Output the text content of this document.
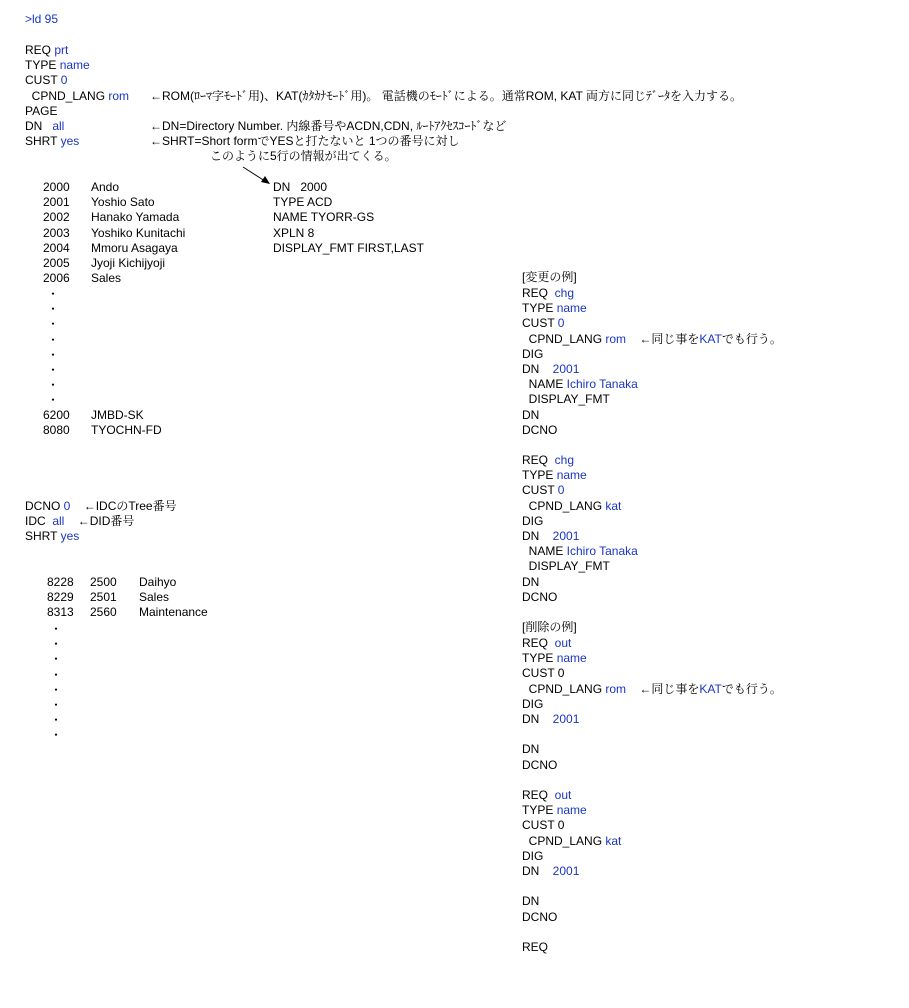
>ld 95
REQ prt
TYPE name
CUST 0
CPND_LANG rom
PAGE
DN   all
SHRT yes
←ROM(ﾛｰﾏ字ﾓｰﾄﾞ用)、KAT(ｶﾀｶﾅﾓｰﾄﾞ用)。 電話機のﾓｰﾄﾞによる。通常ROM, KAT 両方に同じﾃﾞｰﾀを入力する。
←DN=Directory Number. 内線番号やACDN,CDN, ﾙｰﾄｱｸｾｽｺｰﾄﾞなど
←SHRT=Short formでYESと打たないと 1つの番号に対し
このように5行の情報が出てくる。
2000 Ando
2001 Yoshio Sato
2002 Hanako Yamada
2003 Yoshiko Kunitachi
2004 Mmoru Asagaya
2005 Jyoji Kichijyoji
2006 Sales
・
・
・
・
・
・
・
・
6200 JMBD-SK
8080 TYOCHN-FD
DN   2000
TYPE ACD
NAME TYORR-GS
XPLN 8
DISPLAY_FMT FIRST,LAST
DCNO 0    ←IDCのTree番号
IDC  all    ←DID番号
SHRT yes
8228 2500 Daihyo
8229 2501 Sales
8313 2560 Maintenance
・
・
・
・
・
・
・
・
[変更の例]
REQ  chg
TYPE name
CUST 0
CPND_LANG rom    ←同じ事をKATでも行う。
DIG
DN    2001
NAME Ichiro Tanaka
DISPLAY_FMT
DN
DCNO
REQ  chg
TYPE name
CUST 0
CPND_LANG kat
DIG
DN    2001
NAME Ichiro Tanaka
DISPLAY_FMT
DN
DCNO
[削除の例]
REQ  out
TYPE name
CUST 0
CPND_LANG rom    ←同じ事をKATでも行う。
DIG
DN    2001
DN
DCNO
REQ  out
TYPE name
CUST 0
CPND_LANG kat
DIG
DN    2001
DN
DCNO
REQ
